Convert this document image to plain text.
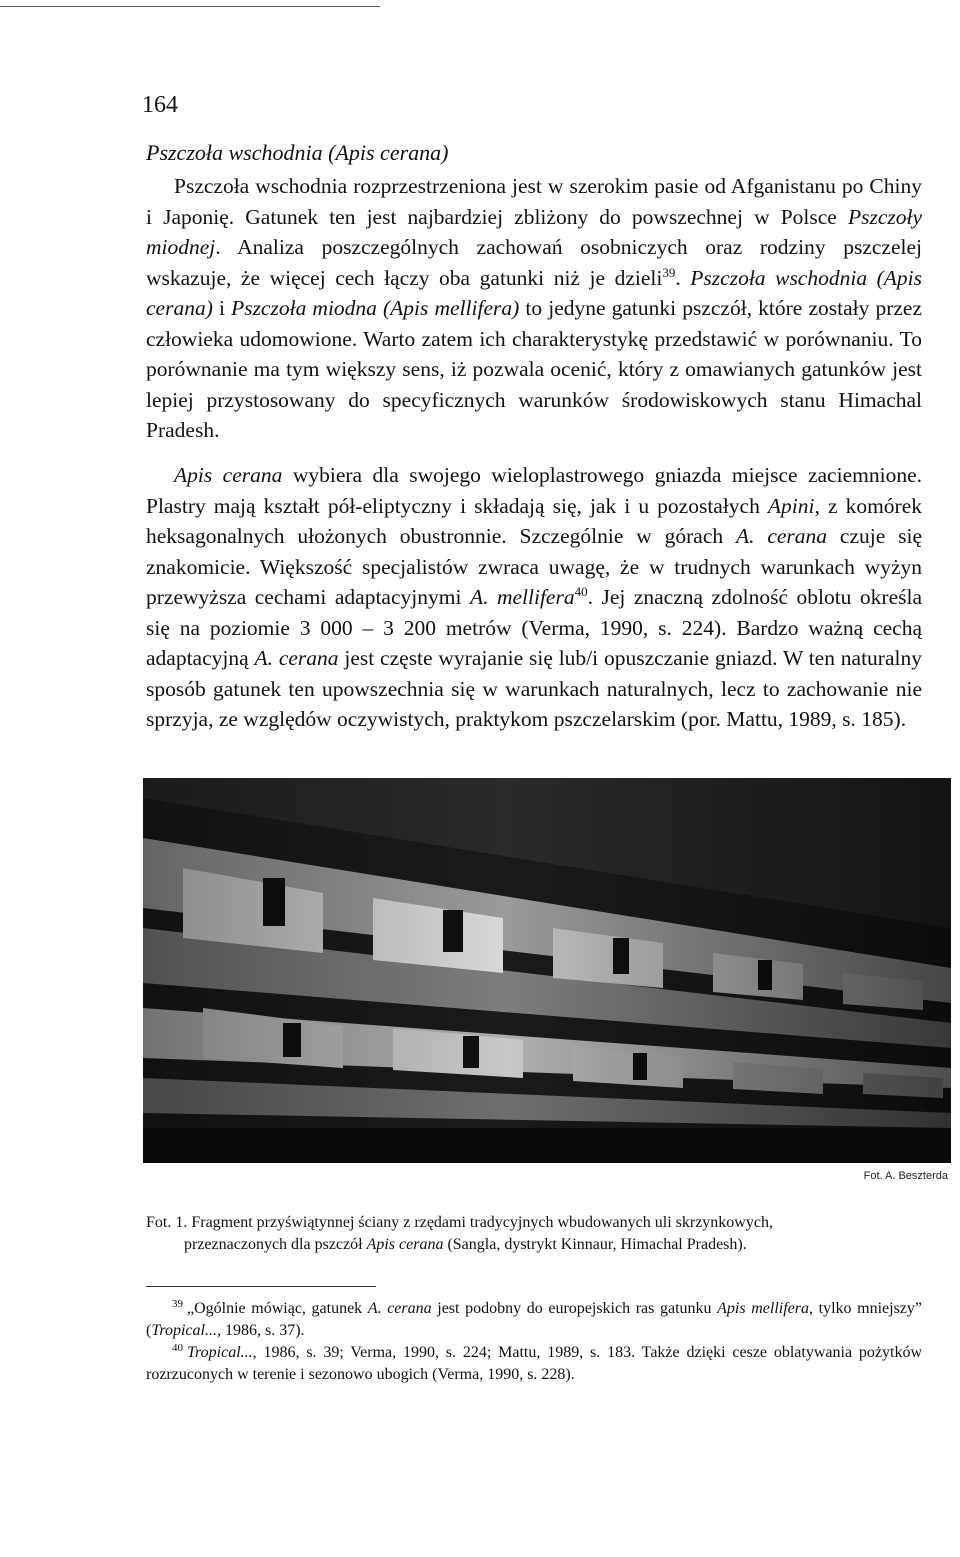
164
Pszczoła wschodnia (Apis cerana)

Pszczoła wschodnia rozprzestrzeniona jest w szerokim pasie od Afganistanu po Chiny i Japonię. Gatunek ten jest najbardziej zbliżony do powszechnej w Polsce Pszczoły miodnej. Analiza poszczególnych zachowań osobniczych oraz rodziny pszczelej wskazuje, że więcej cech łączy oba gatunki niż je dzieli$^{39}$. Pszczoła wschodnia (Apis cerana) i Pszczoła miodna (Apis mellifera) to jedyne gatunki pszczół, które zostały przez człowieka udomowione. Warto zatem ich charakterystykę przedstawić w porównaniu. To porównanie ma tym większy sens, iż pozwala ocenić, który z omawianych gatunków jest lepiej przystosowany do specyficznych warunków środowiskowych stanu Himachal Pradesh.

Apis cerana wybiera dla swojego wieloplastrowego gniazda miejsce zaciemnione. Plastry mają kształt pół-eliptyczny i składają się, jak i u pozostałych Apini, z komórek heksagonalnych ułożonych obustronnie. Szczególnie w górach A. cerana czuje się znakomicie. Większość specjalistów zwraca uwagę, że w trudnych warunkach wyżyn przewyższa cechami adaptacyjnymi A. mellifera$^{40}$. Jej znaczną zdolność oblotu określa się na poziomie 3 000 – 3 200 metrów (Verma, 1990, s. 224). Bardzo ważną cechą adaptacyjną A. cerana jest częste wyrajanie się lub/i opuszczanie gniazd. W ten naturalny sposób gatunek ten upowszechnia się w warunkach naturalnych, lecz to zachowanie nie sprzyja, ze względów oczywistych, praktykom pszczelarskim (por. Mattu, 1989, s. 185).

Fot. A. Beszterda
Fot. 1. Fragment przyświątynnej ściany z rzędami tradycyjnych wbudowanych uli skrzynkowych,
przeznaczonych dla pszczół Apis cerana (Sangla, dystrykt Kinnaur, Himachal Pradesh).

$^{39}$ „Ogólnie mówiąc, gatunek A. cerana jest podobny do europejskich ras gatunku Apis mellifera, tylko mniejszy” (Tropical..., 1986, s. 37).

$^{40}$ Tropical..., 1986, s. 39; Verma, 1990, s. 224; Mattu, 1989, s. 183. Także dzięki cesze oblatywania pożytków rozrzuconych w terenie i sezonowo ubogich (Verma, 1990, s. 228).
